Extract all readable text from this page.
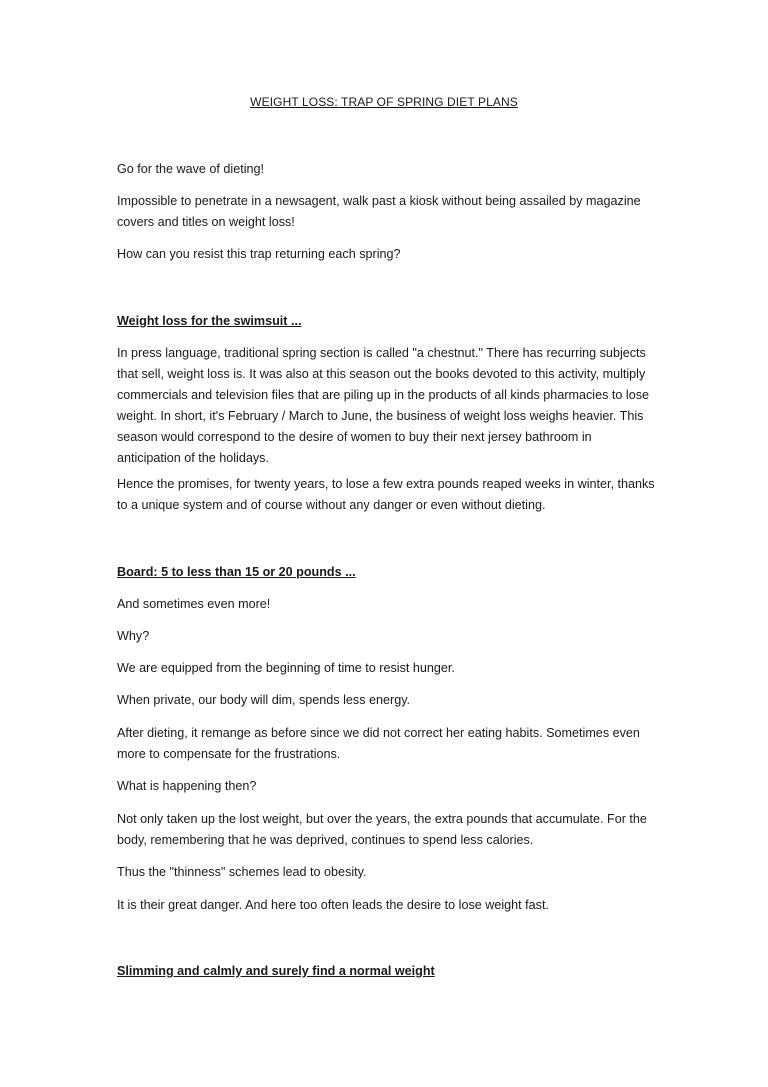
WEIGHT LOSS: TRAP OF SPRING DIET PLANS

Go for the wave of dieting!

Impossible to penetrate in a newsagent, walk past a kiosk without being assailed by magazine covers and titles on weight loss!

How can you resist this trap returning each spring?

Weight loss for the swimsuit ...

In press language, traditional spring section is called "a chestnut." There has recurring subjects that sell, weight loss is. It was also at this season out the books devoted to this activity, multiply commercials and television files that are piling up in the products of all kinds pharmacies to lose weight. In short, it's February / March to June, the business of weight loss weighs heavier. This season would correspond to the desire of women to buy their next jersey bathroom in anticipation of the holidays.

Hence the promises, for twenty years, to lose a few extra pounds reaped weeks in winter, thanks to a unique system and of course without any danger or even without dieting.

Board: 5 to less than 15 or 20 pounds ...

And sometimes even more!

Why?

We are equipped from the beginning of time to resist hunger.

When private, our body will dim, spends less energy.

After dieting, it remange as before since we did not correct her eating habits. Sometimes even more to compensate for the frustrations.

What is happening then?

Not only taken up the lost weight, but over the years, the extra pounds that accumulate. For the body, remembering that he was deprived, continues to spend less calories.

Thus the "thinness" schemes lead to obesity.

It is their great danger. And here too often leads the desire to lose weight fast.

Slimming and calmly and surely find a normal weight
